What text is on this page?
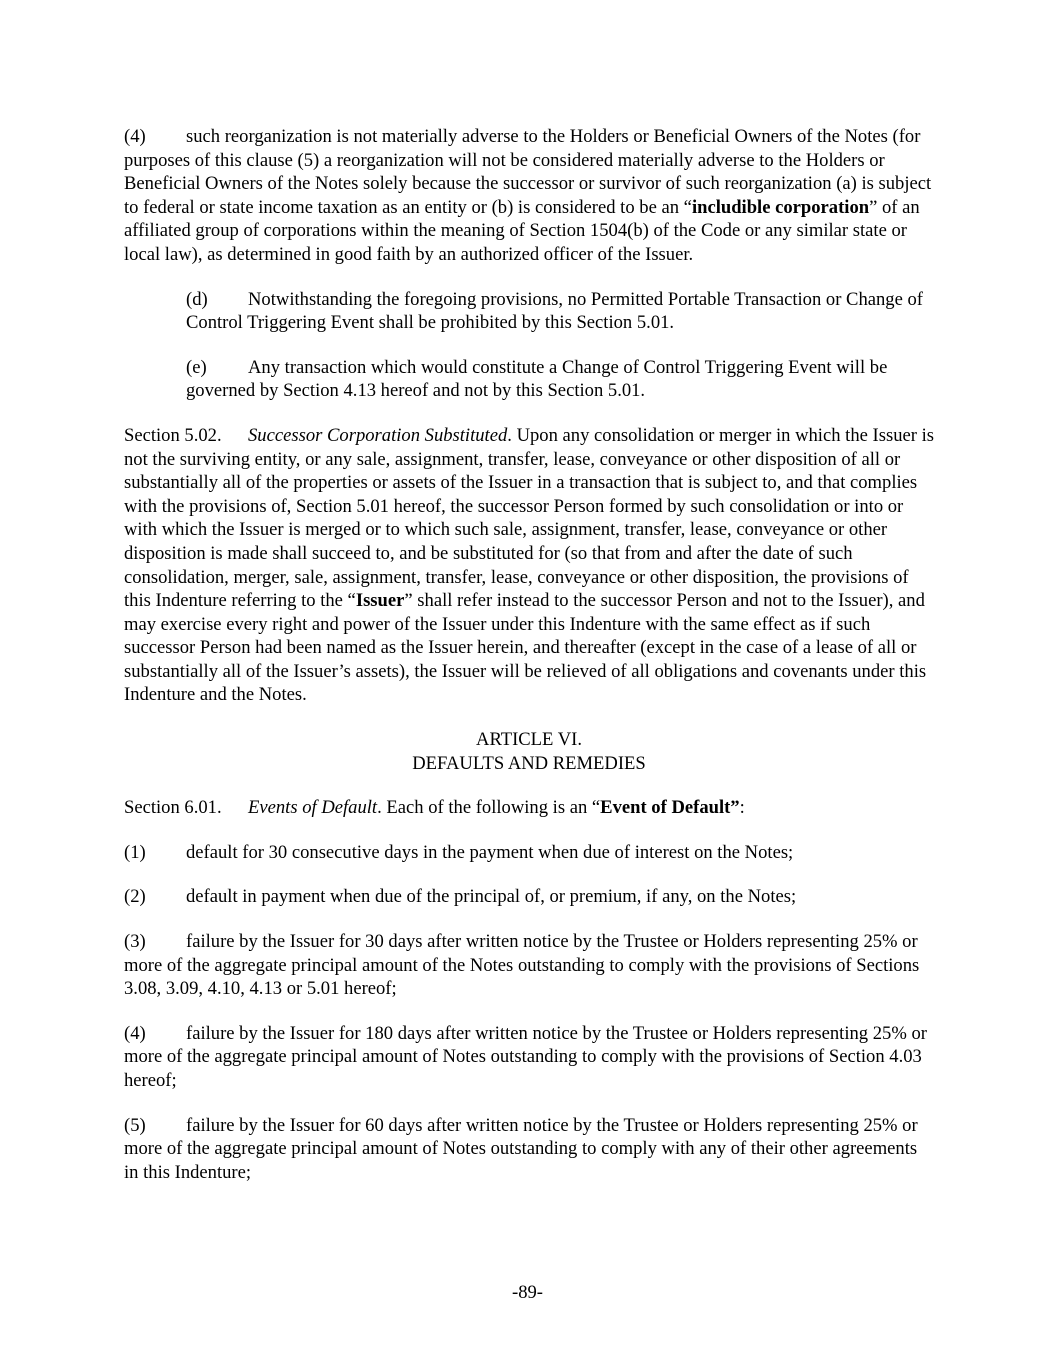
(4) such reorganization is not materially adverse to the Holders or Beneficial Owners of the Notes (for purposes of this clause (5) a reorganization will not be considered materially adverse to the Holders or Beneficial Owners of the Notes solely because the successor or survivor of such reorganization (a) is subject to federal or state income taxation as an entity or (b) is considered to be an “includible corporation” of an affiliated group of corporations within the meaning of Section 1504(b) of the Code or any similar state or local law), as determined in good faith by an authorized officer of the Issuer.

(d) Notwithstanding the foregoing provisions, no Permitted Portable Transaction or Change of Control Triggering Event shall be prohibited by this Section 5.01.

(e) Any transaction which would constitute a Change of Control Triggering Event will be governed by Section 4.13 hereof and not by this Section 5.01.

Section 5.02. Successor Corporation Substituted. Upon any consolidation or merger in which the Issuer is not the surviving entity, or any sale, assignment, transfer, lease, conveyance or other disposition of all or substantially all of the properties or assets of the Issuer in a transaction that is subject to, and that complies with the provisions of, Section 5.01 hereof, the successor Person formed by such consolidation or into or with which the Issuer is merged or to which such sale, assignment, transfer, lease, conveyance or other disposition is made shall succeed to, and be substituted for (so that from and after the date of such consolidation, merger, sale, assignment, transfer, lease, conveyance or other disposition, the provisions of this Indenture referring to the “Issuer” shall refer instead to the successor Person and not to the Issuer), and may exercise every right and power of the Issuer under this Indenture with the same effect as if such successor Person had been named as the Issuer herein, and thereafter (except in the case of a lease of all or substantially all of the Issuer’s assets), the Issuer will be relieved of all obligations and covenants under this Indenture and the Notes.

ARTICLE VI.
DEFAULTS AND REMEDIES

Section 6.01. Events of Default. Each of the following is an “Event of Default”:

(1) default for 30 consecutive days in the payment when due of interest on the Notes;

(2) default in payment when due of the principal of, or premium, if any, on the Notes;

(3) failure by the Issuer for 30 days after written notice by the Trustee or Holders representing 25% or more of the aggregate principal amount of the Notes outstanding to comply with the provisions of Sections 3.08, 3.09, 4.10, 4.13 or 5.01 hereof;

(4) failure by the Issuer for 180 days after written notice by the Trustee or Holders representing 25% or more of the aggregate principal amount of Notes outstanding to comply with the provisions of Section 4.03 hereof;

(5) failure by the Issuer for 60 days after written notice by the Trustee or Holders representing 25% or more of the aggregate principal amount of Notes outstanding to comply with any of their other agreements in this Indenture;

-89-
